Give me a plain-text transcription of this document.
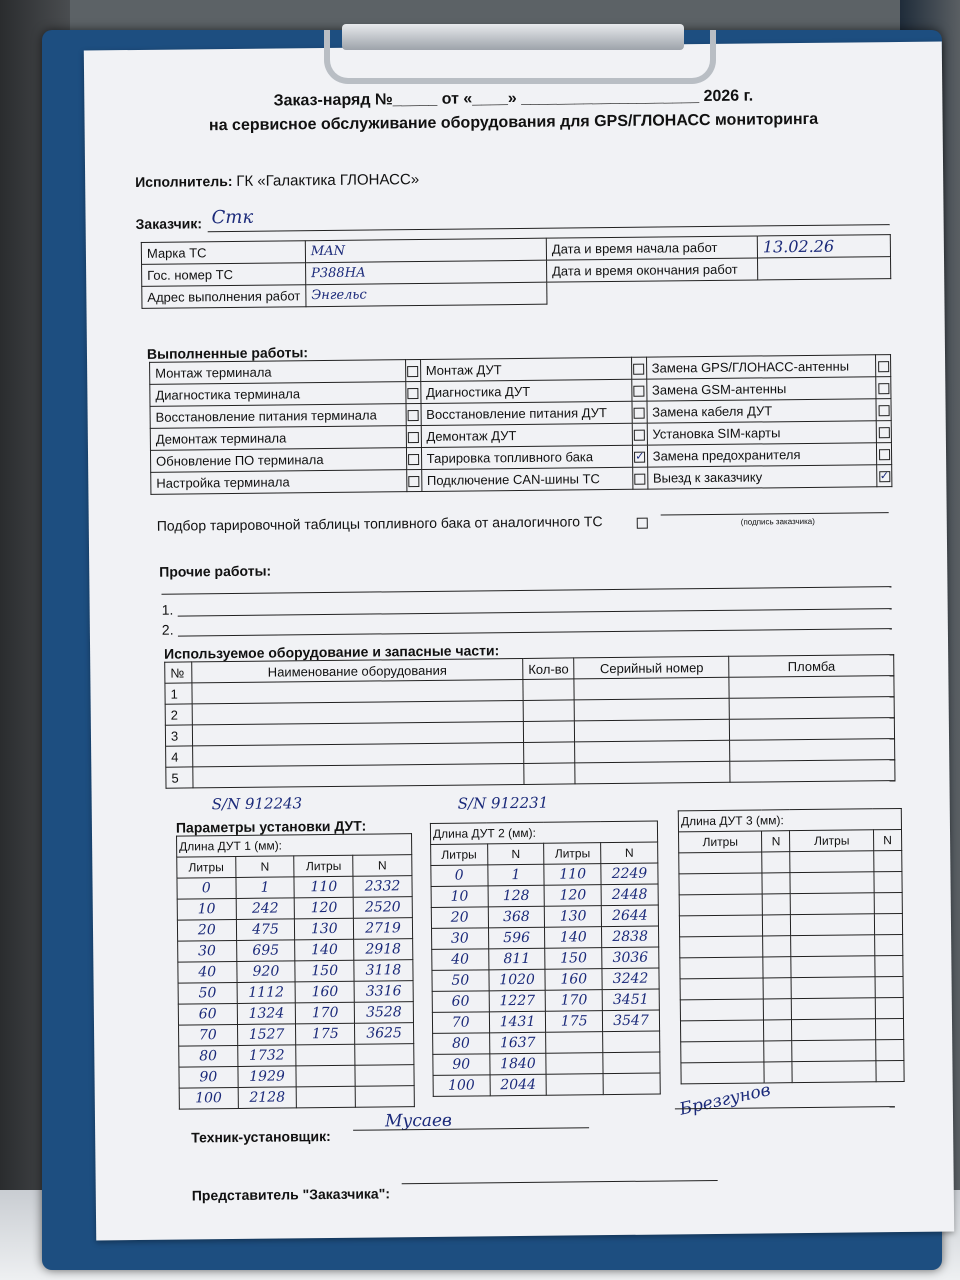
Заказ-наряд №_____ от «____» ____________________ 2026 г.
на сервисное обслуживание оборудования для GPS/ГЛОНАСС мониторинга
Исполнитель: ГК «Галактика ГЛОНАСС»
Заказчик: Стк
Марка ТС	MAN	Дата и время начала работ	13.02.26
Гос. номер ТС	Р388НА	Дата и время окончания работ	
Адрес выполнения работ	Энгельс		
Выполненные работы:
Монтаж терминала		Монтаж ДУТ		Замена GPS/ГЛОНАСС-антенны	
Диагностика терминала		Диагностика ДУТ		Замена GSM-антенны	
Восстановление питания терминала		Восстановление питания ДУТ		Замена кабеля ДУТ	
Демонтаж терминала		Демонтаж ДУТ		Установка SIM-карты	
Обновление ПО терминала		Тарировка топливного бака	✓	Замена предохранителя	
Настройка терминала		Подключение CAN-шины ТС		Выезд к заказчику	✓
Подбор тарировочной таблицы топливного бака от аналогичного ТС	(подпись заказчика)
Прочие работы:
1.
2.
Используемое оборудование и запасные части:
№	Наименование оборудования	Кол-во	Серийный номер	Пломба
1				
2				
3				
4				
5				
S/N 912243	S/N 912231
Параметры установки ДУТ:
Длина ДУТ 1 (мм):			
Литры	N	Литры	N
0	1	110	2332
10	242	120	2520
20	475	130	2719
30	695	140	2918
40	920	150	3118
50	1112	160	3316
60	1324	170	3528
70	1527	175	3625
80	1732		
90	1929		
100	2128		
Длина ДУТ 2 (мм):			
Литры	N	Литры	N
0	1	110	2249
10	128	120	2448
20	368	130	2644
30	596	140	2838
40	811	150	3036
50	1020	160	3242
60	1227	170	3451
70	1431	175	3547
80	1637		
90	1840		
100	2044		
Длина ДУТ 3 (мм):			
Литры	N	Литры	N

Техник-установщик:
Мусаев
Брезгунов
Представитель "Заказчика":
